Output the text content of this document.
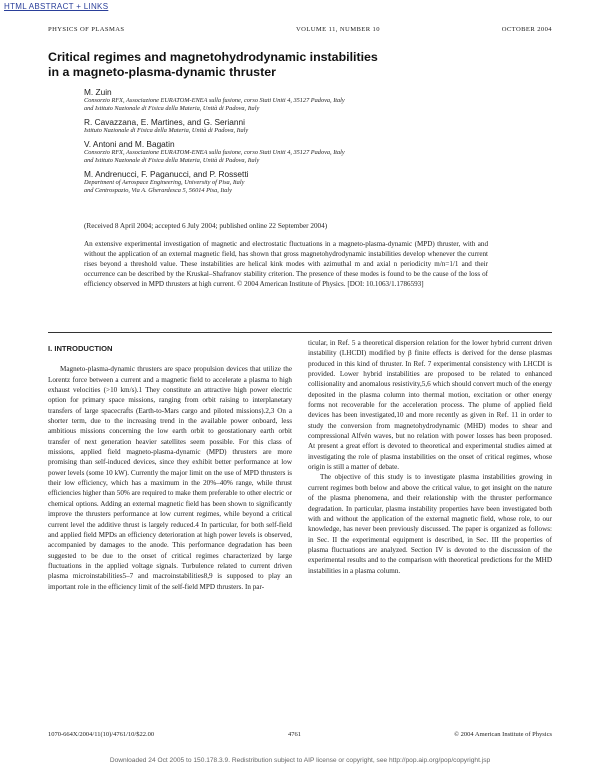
HTML ABSTRACT + LINKS
PHYSICS OF PLASMAS	VOLUME 11, NUMBER 10	OCTOBER 2004
Critical regimes and magnetohydrodynamic instabilities
in a magneto-plasma-dynamic thruster
M. Zuin
Consorzio RFX, Associazione EURATOM-ENEA sulla fusione, corso Stati Uniti 4, 35127 Padova, Italy
and Istituto Nazionale di Fisica della Materia, Unità di Padova, Italy
R. Cavazzana, E. Martines, and G. Serianni
Istituto Nazionale di Fisica della Materia, Unità di Padova, Italy
V. Antoni and M. Bagatin
Consorzio RFX, Associazione EURATOM-ENEA sulla fusione, corso Stati Uniti 4, 35127 Padova, Italy
and Istituto Nazionale di Fisica della Materia, Unità di Padova, Italy
M. Andrenucci, F. Paganucci, and P. Rossetti
Department of Aerospace Engineering, University of Pisa, Italy
and Centrospazio, Via A. Gherardesca 5, 56014 Pisa, Italy
(Received 8 April 2004; accepted 6 July 2004; published online 22 September 2004)

An extensive experimental investigation of magnetic and electrostatic fluctuations in a magneto-plasma-dynamic (MPD) thruster, with and without the application of an external magnetic field, has shown that gross magnetohydrodynamic instabilities develop whenever the current rises beyond a threshold value. These instabilities are helical kink modes with azimuthal m and axial n periodicity m/n=1/1 and their occurrence can be described by the Kruskal–Shafranov stability criterion. The presence of these modes is found to be the cause of the loss of efficiency observed in MPD thrusters at high current. © 2004 American Institute of Physics. [DOI: 10.1063/1.1786593]

I. INTRODUCTION

Magneto-plasma-dynamic thrusters are space propulsion devices that utilize the Lorentz force between a current and a magnetic field to accelerate a plasma to high exhaust velocities (>10 km/s).1 They constitute an attractive high power electric option for primary space missions, ranging from orbit raising to interplanetary transfers of large spacecrafts (Earth-to-Mars cargo and piloted missions).2,3 On a shorter term, due to the increasing trend in the available power onboard, less ambitious missions concerning the low earth orbit to geostationary earth orbit transfer of next generation heavier satellites seem possible. For this class of missions, applied field magneto-plasma-dynamic (MPD) thrusters are more promising than self-induced devices, since they exhibit better performance at low power levels (some 10 kW). Currently the major limit on the use of MPD thrusters is their low efficiency, which has a maximum in the 20%–40% range, while thrust efficiencies higher than 50% are required to make them preferable to other electric or chemical options. Adding an external magnetic field has been shown to significantly improve the thrusters performance at low current regimes, while beyond a critical current level the additive thrust is largely reduced.4 In particular, for both self-field and applied field MPDs an efficiency deterioration at high power levels is observed, accompanied by damages to the anode. This performance degradation has been suggested to be due to the onset of critical regimes characterized by large fluctuations in the applied voltage signals. Turbulence related to current driven plasma microinstabilities5–7 and macroinstabilities8,9 is supposed to play an important role in the efficiency limit of the self-field MPD thrusters. In par-

ticular, in Ref. 5 a theoretical dispersion relation for the lower hybrid current driven instability (LHCDI) modified by β finite effects is derived for the dense plasmas produced in this kind of thruster. In Ref. 7 experimental consistency with LHCDI is provided. Lower hybrid instabilities are proposed to be related to enhanced collisionality and anomalous resistivity,5,6 which should convert much of the energy deposited in the plasma column into thermal motion, excitation or other energy forms not recoverable for the acceleration process. The plume of applied field devices has been investigated,10 and more recently as given in Ref. 11 in order to study the conversion from magnetohydrodynamic (MHD) modes to shear and compressional Alfvén waves, but no relation with power losses has been proposed. At present a great effort is devoted to theoretical and experimental studies aimed at investigating the role of plasma instabilities on the onset of critical regimes, whose origin is still a matter of debate.

The objective of this study is to investigate plasma instabilities growing in current regimes both below and above the critical value, to get insight on the nature of the plasma phenomena, and their relationship with the thruster performance degradation. In particular, plasma instability properties have been investigated both with and without the application of the external magnetic field, whose role, to our knowledge, has never been previously discussed. The paper is organized as follows: in Sec. II the experimental equipment is described, in Sec. III the properties of plasma fluctuations are analyzed. Section IV is devoted to the discussion of the experimental results and to the comparison with theoretical predictions for the MHD instabilities in a plasma column.

1070-664X/2004/11(10)/4761/10/$22.00	4761	© 2004 American Institute of Physics
Downloaded 24 Oct 2005 to 150.178.3.9. Redistribution subject to AIP license or copyright, see http://pop.aip.org/pop/copyright.jsp
